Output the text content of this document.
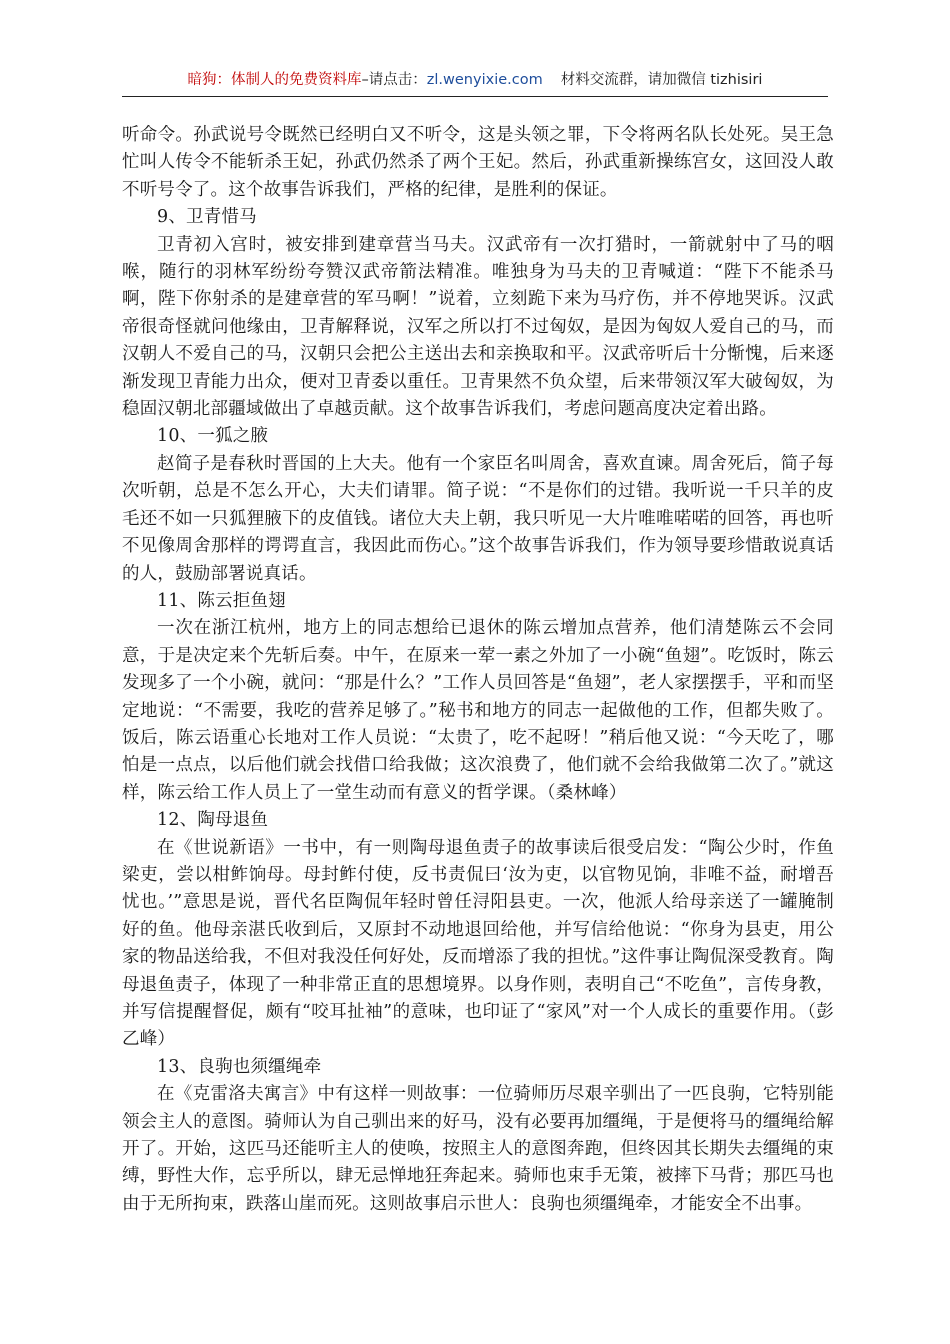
暗狗：体制人的免费资料库–请点击：zl.wenyixie.com 材料交流群，请加微信 tizhisiri

听命令。孙武说号令既然已经明白又不听令，这是头领之罪，下令将两名队长处死。吴王急忙叫人传令不能斩杀王妃，孙武仍然杀了两个王妃。然后，孙武重新操练宫女，这回没人敢不听号令了。这个故事告诉我们，严格的纪律，是胜利的保证。

9、卫青惜马

卫青初入宫时，被安排到建章营当马夫。汉武帝有一次打猎时，一箭就射中了马的咽喉，随行的羽林军纷纷夸赞汉武帝箭法精准。唯独身为马夫的卫青喊道：“陛下不能杀马啊，陛下你射杀的是建章营的军马啊！”说着，立刻跪下来为马疗伤，并不停地哭诉。汉武帝很奇怪就问他缘由，卫青解释说，汉军之所以打不过匈奴，是因为匈奴人爱自己的马，而汉朝人不爱自己的马，汉朝只会把公主送出去和亲换取和平。汉武帝听后十分惭愧，后来逐渐发现卫青能力出众，便对卫青委以重任。卫青果然不负众望，后来带领汉军大破匈奴，为稳固汉朝北部疆域做出了卓越贡献。这个故事告诉我们，考虑问题高度决定着出路。

10、一狐之腋

赵简子是春秋时晋国的上大夫。他有一个家臣名叫周舍，喜欢直谏。周舍死后，简子每次听朝，总是不怎么开心，大夫们请罪。简子说：“不是你们的过错。我听说一千只羊的皮毛还不如一只狐狸腋下的皮值钱。诸位大夫上朝，我只听见一大片唯唯喏喏的回答，再也听不见像周舍那样的谔谔直言，我因此而伤心。”这个故事告诉我们，作为领导要珍惜敢说真话的人，鼓励部署说真话。

11、陈云拒鱼翅

一次在浙江杭州，地方上的同志想给已退休的陈云增加点营养，他们清楚陈云不会同意，于是决定来个先斩后奏。中午，在原来一荤一素之外加了一小碗“鱼翅”。吃饭时，陈云发现多了一个小碗，就问：“那是什么？”工作人员回答是“鱼翅”，老人家摆摆手，平和而坚定地说：“不需要，我吃的营养足够了。”秘书和地方的同志一起做他的工作，但都失败了。饭后，陈云语重心长地对工作人员说：“太贵了，吃不起呀！”稍后他又说：“今天吃了，哪怕是一点点，以后他们就会找借口给我做；这次浪费了，他们就不会给我做第二次了。”就这样，陈云给工作人员上了一堂生动而有意义的哲学课。（桑林峰）

12、陶母退鱼

在《世说新语》一书中，有一则陶母退鱼责子的故事读后很受启发：“陶公少时，作鱼梁吏，尝以柑鲊饷母。母封鲊付使，反书责侃曰‘汝为吏，以官物见饷，非唯不益，耐增吾忧也。’”意思是说，晋代名臣陶侃年轻时曾任浔阳县吏。一次，他派人给母亲送了一罐腌制好的鱼。他母亲湛氏收到后，又原封不动地退回给他，并写信给他说：“你身为县吏，用公家的物品送给我，不但对我没任何好处，反而增添了我的担忧。”这件事让陶侃深受教育。陶母退鱼责子，体现了一种非常正直的思想境界。以身作则，表明自己“不吃鱼”，言传身教，并写信提醒督促，颇有“咬耳扯袖”的意味，也印证了“家风”对一个人成长的重要作用。（彭乙峰）

13、良驹也须缰绳牵

在《克雷洛夫寓言》中有这样一则故事：一位骑师历尽艰辛驯出了一匹良驹，它特别能领会主人的意图。骑师认为自己驯出来的好马，没有必要再加缰绳，于是便将马的缰绳给解开了。开始，这匹马还能听主人的使唤，按照主人的意图奔跑，但终因其长期失去缰绳的束缚，野性大作，忘乎所以，肆无忌惮地狂奔起来。骑师也束手无策，被摔下马背；那匹马也由于无所拘束，跌落山崖而死。这则故事启示世人：良驹也须缰绳牵，才能安全不出事。
